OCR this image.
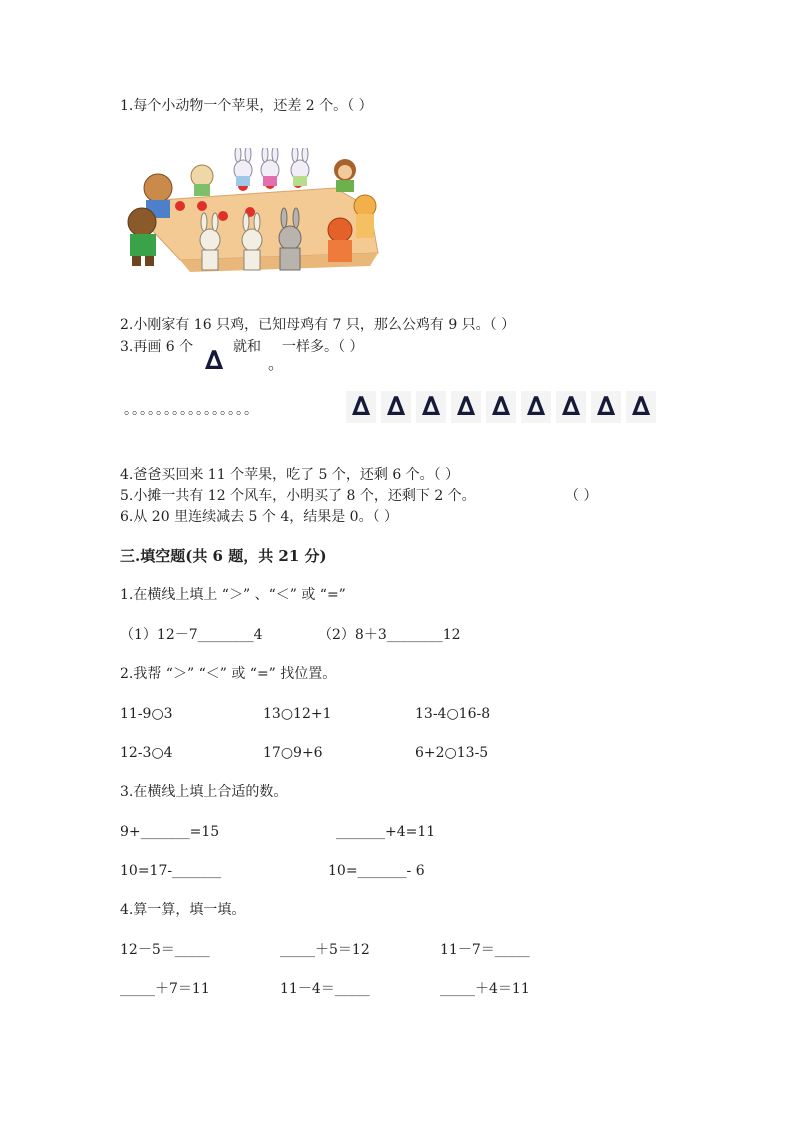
1.每个小动物一个苹果，还差 2 个。（ ）
2.小刚家有 16 只鸡，已知母鸡有 7 只，那么公鸡有 9 只。（ ）
3.再画 6 个 ∆ 就和
。
一样多。（ ）
。。。。。。。。。。。。。。。。	∆ ∆ ∆ ∆ ∆ ∆ ∆ ∆ ∆
4.爸爸买回来 11 个苹果，吃了 5 个，还剩 6 个。（ ）
5.小摊一共有 12 个风车，小明买了 8 个，还剩下 2 个。	（ ）
6.从 20 里连续减去 5 个 4，结果是 0。（ ）
三.填空题(共 6 题，共 21 分)
1.在横线上填上 “＞” 、“＜” 或 “=”
（1）12－7________4	（2）8＋3________12
2.我帮 “＞” “＜” 或 “=” 找位置。
11-9○3	13○12+1	13-4○16-8
12-3○4	17○9+6	6+2○13-5
3.在横线上填上合适的数。
9+_______=15	_______+4=11
10=17-_______	10=_______- 6
4.算一算，填一填。
12－5＝_____	_____＋5＝12	11－7＝_____
_____＋7＝11	11－4＝_____	_____＋4＝11
